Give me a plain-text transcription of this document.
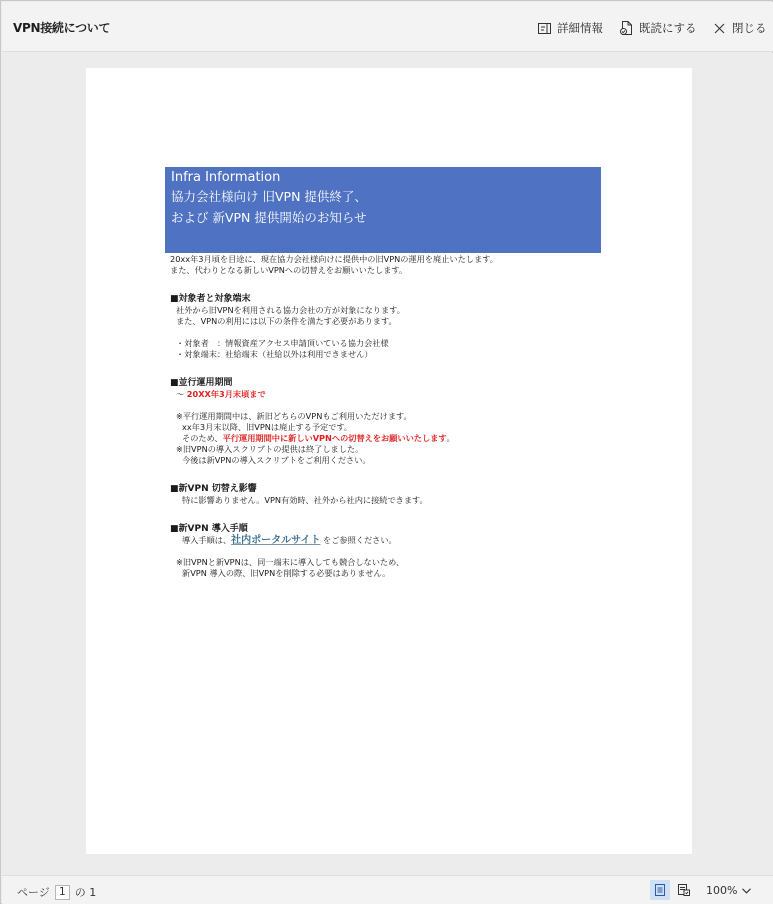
VPN接続について	詳細情報	既読にする	閉じる
Infra Information
協力会社様向け 旧VPN 提供終了、
および 新VPN 提供開始のお知らせ
20xx年3月頃を目途に、現在協力会社様向けに提供中の旧VPNの運用を廃止いたします。
また、代わりとなる新しいVPNへの切替えをお願いいたします。
■対象者と対象端末
社外から旧VPNを利用される協力会社の方が対象になります。
また、VPNの利用には以下の条件を満たす必要があります。
・対象者　：情報資産アクセス申請頂いている協力会社様
・対象端末：社給端末（社給以外は利用できません）
■並行運用期間
～ 20XX年3月末頃まで
※平行運用期間中は、新旧どちらのVPNもご利用いただけます。
xx年3月末以降、旧VPNは廃止する予定です。
そのため、平行運用期間中に新しいVPNへの切替えをお願いいたします。
※旧VPNの導入スクリプトの提供は終了しました。
今後は新VPNの導入スクリプトをご利用ください。
■新VPN 切替え影響
特に影響ありません。VPN有効時、社外から社内に接続できます。
■新VPN 導入手順
導入手順は、社内ポータルサイト をご参照ください。
※旧VPNと新VPNは、同一端末に導入しても競合しないため、
新VPN 導入の際、旧VPNを削除する必要はありません。
ページ 1 の 1	100%
